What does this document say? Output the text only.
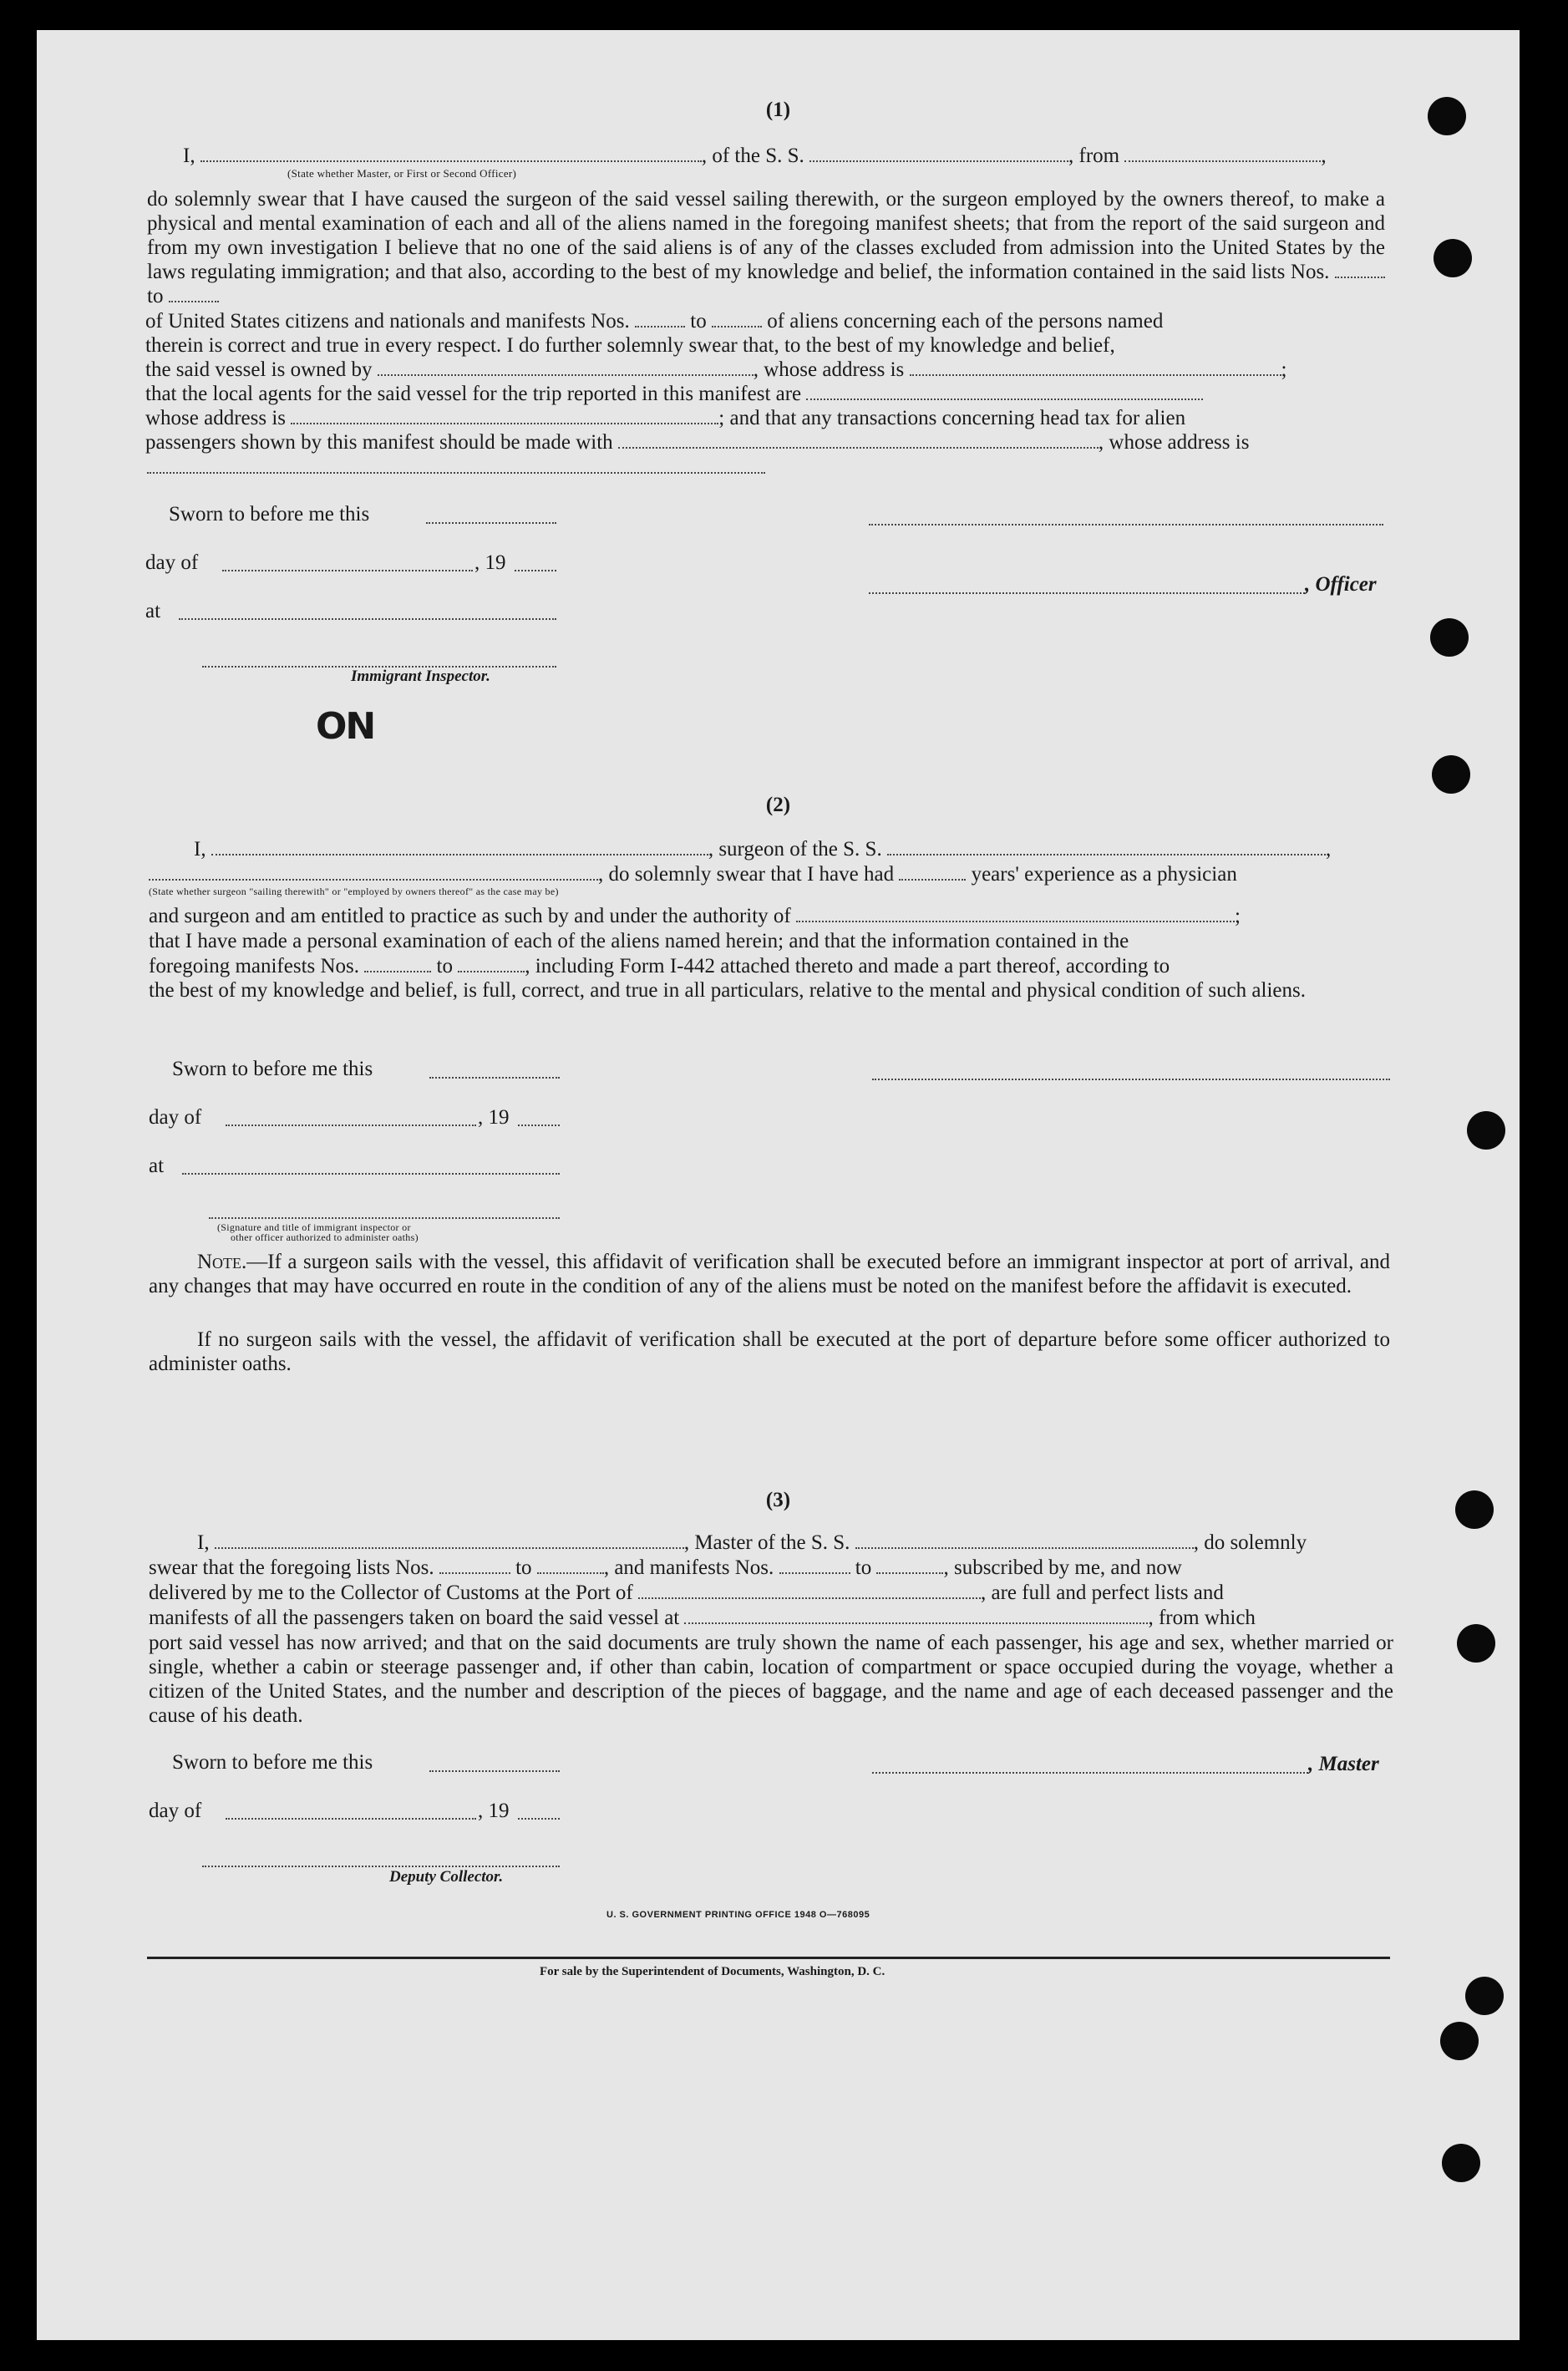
(1)
I,	, of the S. S.	, from	,
(State whether Master, or First or Second Officer)
do solemnly swear that I have caused the surgeon of the said vessel sailing therewith, or the surgeon employed by the owners thereof, to make a physical and mental examination of each and all of the aliens named in the foregoing manifest sheets; that from the report of the said surgeon and from my own investigation I believe that no one of the said aliens is of any of the classes excluded from admission into the United States by the laws regulating immigration; and that also, according to the best of my knowledge and belief, the information contained in the said lists Nos.  to
of United States citizens and nationals and manifests Nos.	to	of aliens concerning each of the persons named
therein is correct and true in every respect. I do further solemnly swear that, to the best of my knowledge and belief,
the said vessel is owned by	, whose address is	;
that the local agents for the said vessel for the trip reported in this manifest are
whose address is	; and that any transactions concerning head tax for alien
passengers shown by this manifest should be made with	, whose address is
Sworn to before me this
day of	, 19
, Officer
at
Immigrant Inspector.
ON
(2)
I,	, surgeon of the S. S.	,
, do solemnly swear that I have had	years' experience as a physician
(State whether surgeon "sailing therewith" or "employed by owners thereof" as the case may be)
and surgeon and am entitled to practice as such by and under the authority of	;
that I have made a personal examination of each of the aliens named herein; and that the information contained in the
foregoing manifests Nos.	to	, including Form I-442 attached thereto and made a part thereof, according to
the best of my knowledge and belief, is full, correct, and true in all particulars, relative to the mental and physical condition of such aliens.
Sworn to before me this
day of	, 19
at
(Signature and title of immigrant inspector or
other officer authorized to administer oaths)
Note.—If a surgeon sails with the vessel, this affidavit of verification shall be executed before an immigrant inspector at port of arrival, and any changes that may have occurred en route in the condition of any of the aliens must be noted on the manifest before the affidavit is executed.
If no surgeon sails with the vessel, the affidavit of verification shall be executed at the port of departure before some officer authorized to administer oaths.
(3)
I,	, Master of the S. S.	, do solemnly
swear that the foregoing lists Nos.	to	, and manifests Nos.	to	, subscribed by me, and now
delivered by me to the Collector of Customs at the Port of	, are full and perfect lists and
manifests of all the passengers taken on board the said vessel at	, from which
port said vessel has now arrived; and that on the said documents are truly shown the name of each passenger, his age and sex, whether married or single, whether a cabin or steerage passenger and, if other than cabin, location of compartment or space occupied during the voyage, whether a citizen of the United States, and the number and description of the pieces of baggage, and the name and age of each deceased passenger and the cause of his death.
Sworn to before me this	, Master
day of	, 19
Deputy Collector.
U. S. GOVERNMENT PRINTING OFFICE 1948 O—768095
For sale by the Superintendent of Documents, Washington, D. C.
